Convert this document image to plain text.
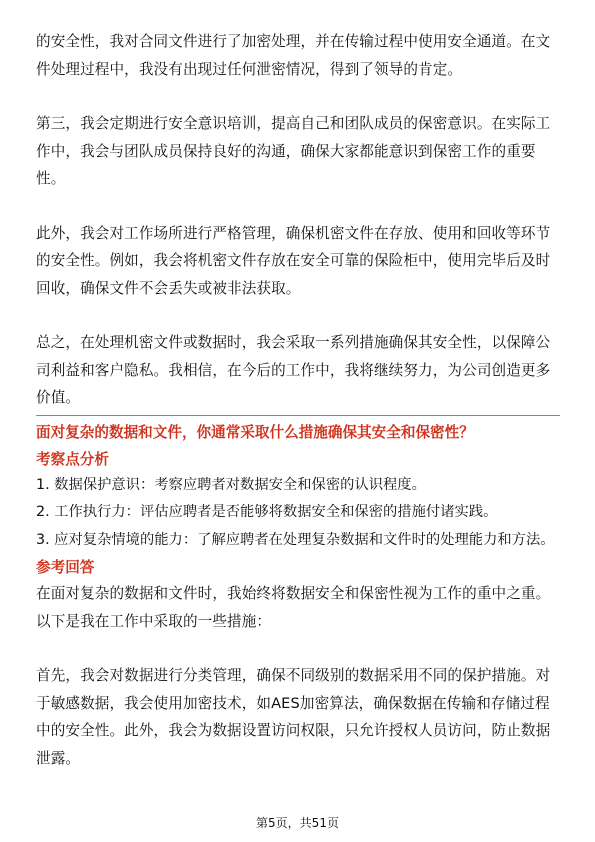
的安全性，我对合同文件进行了加密处理，并在传输过程中使用安全通道。在文件处理过程中，我没有出现过任何泄密情况，得到了领导的肯定。

第三，我会定期进行安全意识培训，提高自己和团队成员的保密意识。在实际工作中，我会与团队成员保持良好的沟通，确保大家都能意识到保密工作的重要性。

此外，我会对工作场所进行严格管理，确保机密文件在存放、使用和回收等环节的安全性。例如，我会将机密文件存放在安全可靠的保险柜中，使用完毕后及时回收，确保文件不会丢失或被非法获取。

总之，在处理机密文件或数据时，我会采取一系列措施确保其安全性，以保障公司利益和客户隐私。我相信，在今后的工作中，我将继续努力，为公司创造更多价值。

面对复杂的数据和文件，你通常采取什么措施确保其安全和保密性？

考察点分析

1. 数据保护意识：考察应聘者对数据安全和保密的认识程度。

2. 工作执行力：评估应聘者是否能够将数据安全和保密的措施付诸实践。

3. 应对复杂情境的能力：了解应聘者在处理复杂数据和文件时的处理能力和方法。

参考回答

在面对复杂的数据和文件时，我始终将数据安全和保密性视为工作的重中之重。以下是我在工作中采取的一些措施：

首先，我会对数据进行分类管理，确保不同级别的数据采用不同的保护措施。对于敏感数据，我会使用加密技术，如AES加密算法，确保数据在传输和存储过程中的安全性。此外，我会为数据设置访问权限，只允许授权人员访问，防止数据泄露。

第5页，共51页
